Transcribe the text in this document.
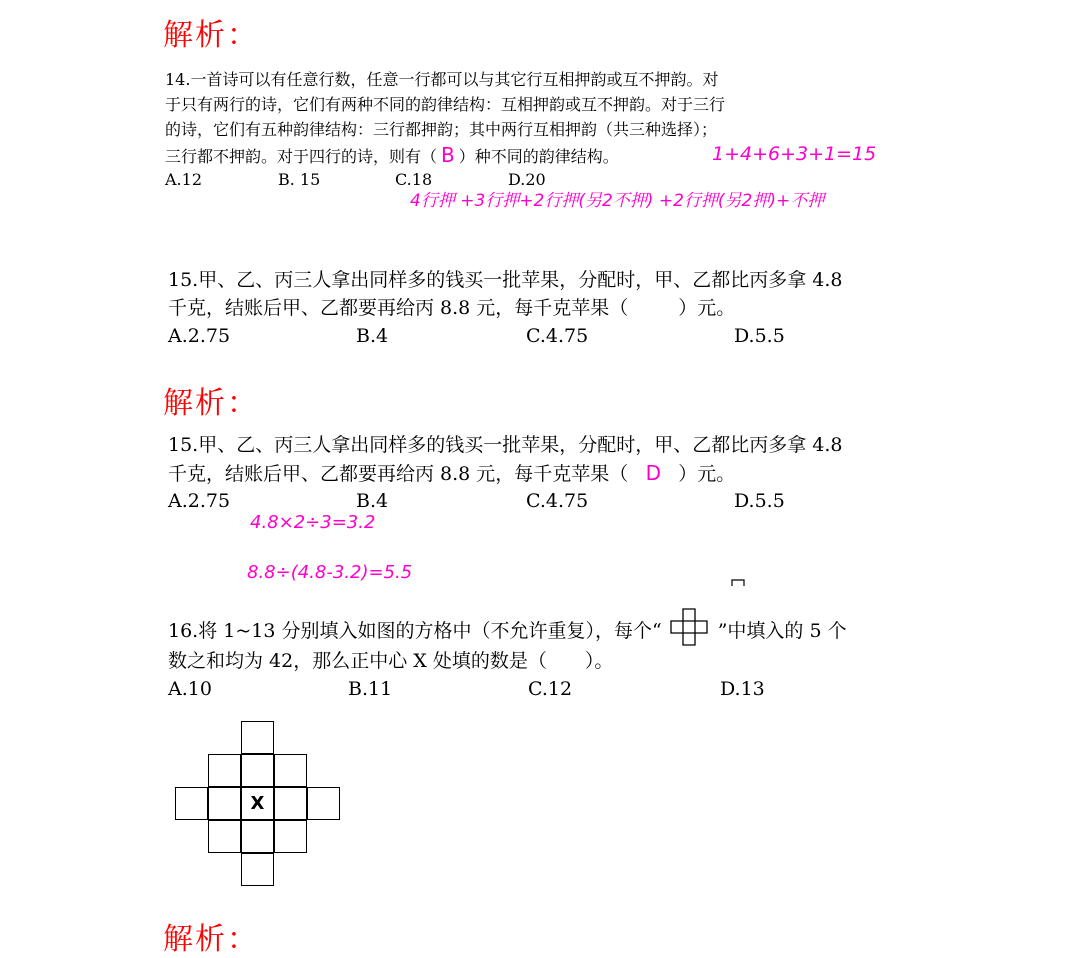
解析：
14.一首诗可以有任意行数，任意一行都可以与其它行互相押韵或互不押韵。对
于只有两行的诗，它们有两种不同的韵律结构：互相押韵或互不押韵。对于三行
的诗，它们有五种韵律结构：三行都押韵；其中两行互相押韵（共三种选择）；
三行都不押韵。对于四行的诗，则有（ B ）种不同的韵律结构。	1+4+6+3+1=15
A.12	B. 15	C.18	D.20
4行押 +3行押+2行押(另2不押) +2行押(另2押)+不押
15.甲、乙、丙三人拿出同样多的钱买一批苹果，分配时，甲、乙都比丙多拿 4.8
千克，结账后甲、乙都要再给丙 8.8 元，每千克苹果（	）元。
A.2.75	B.4	C.4.75	D.5.5
解析：
15.甲、乙、丙三人拿出同样多的钱买一批苹果，分配时，甲、乙都比丙多拿 4.8
千克，结账后甲、乙都要再给丙 8.8 元，每千克苹果（ D ）元。
A.2.75	B.4	C.4.75	D.5.5
4.8×2÷3=3.2
8.8÷(4.8-3.2)=5.5
16.将 1~13 分别填入如图的方格中（不允许重复），每个“	”中填入的 5 个
数之和均为 42，那么正中心 X 处填的数是（　　）。
A.10	B.11	C.12	D.13
X
解析：
